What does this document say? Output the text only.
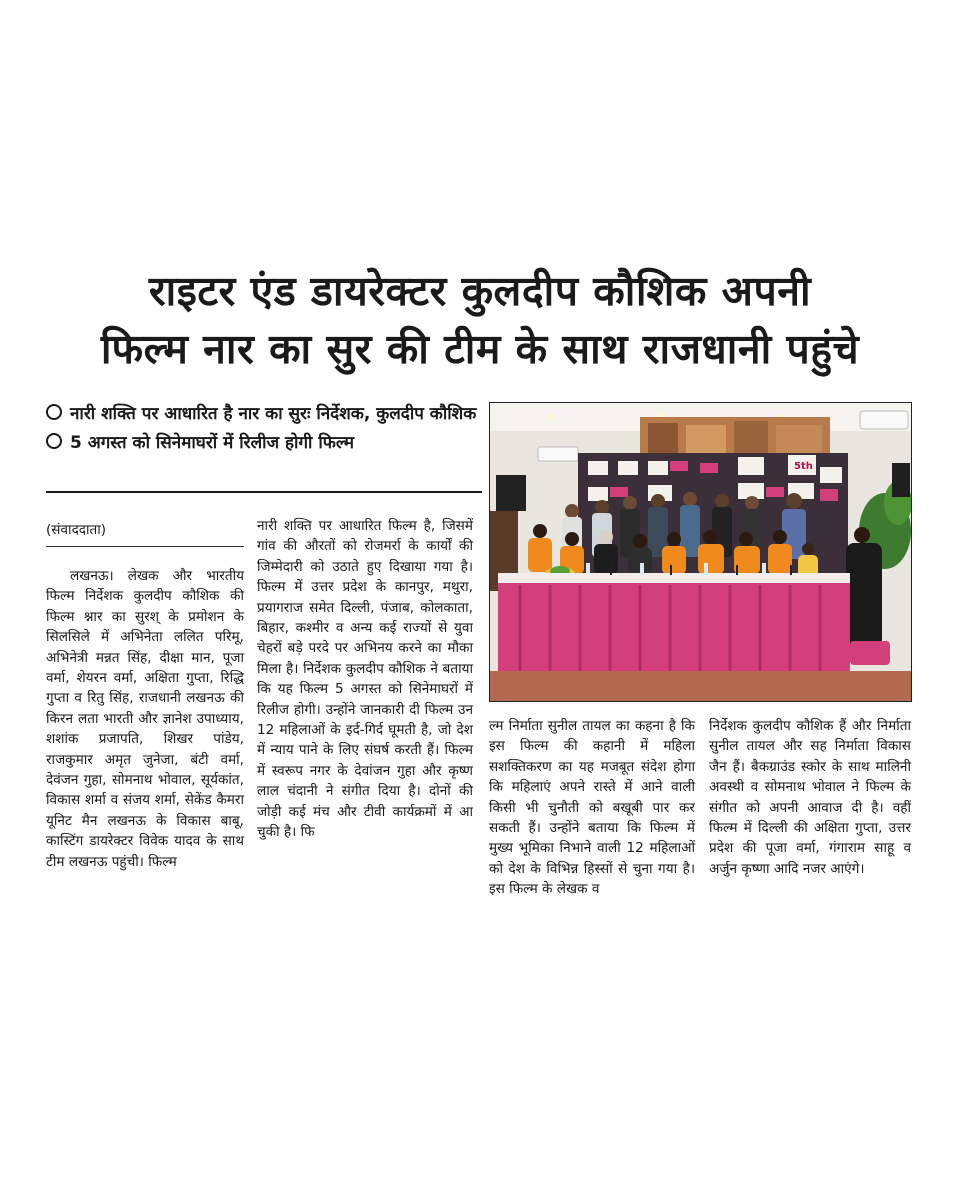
राइटर एंड डायरेक्टर कुलदीप कौशिक अपनी
फिल्म नार का सुर की टीम के साथ राजधानी पहुंचे

नारी शक्ति पर आधारित है नार का सुरः निर्देशक, कुलदीप कौशिक

5 अगस्त को सिनेमाघरों में रिलीज होगी फिल्म

5th

(संवाददाता)

लखनऊ। लेखक और भारतीय फिल्म निर्देशक कुलदीप कौशिक की फिल्म श्नार का सुरश् के प्रमोशन के सिलसिले में अभिनेता ललित परिमू, अभिनेत्री मन्नत सिंह, दीक्षा मान, पूजा वर्मा, शेयरन वर्मा, अक्षिता गुप्ता, रिद्धि गुप्ता व रितु सिंह, राजधानी लखनऊ की किरन लता भारती और ज्ञानेश उपाध्याय, शशांक प्रजापति, शिखर पांडेय, राजकुमार अमृत जुनेजा, बंटी वर्मा, देवंजन गुहा, सोमनाथ भोवाल, सूर्यकांत, विकास शर्मा व संजय शर्मा, सेकेंड कैमरा यूनिट मैन लखनऊ के विकास बाबू, कास्टिंग डायरेक्टर विवेक यादव के साथ टीम लखनऊ पहुंची। फिल्म

नारी शक्ति पर आधारित फिल्म है, जिसमें गांव की औरतों को रोजमर्रा के कार्यों की जिम्मेदारी को उठाते हुए दिखाया गया है। फिल्म में उत्तर प्रदेश के कानपुर, मथुरा, प्रयागराज समेत दिल्ली, पंजाब, कोलकाता, बिहार, कश्मीर व अन्य कई राज्यों से युवा चेहरों बड़े परदे पर अभिनय करने का मौका मिला है। निर्देशक कुलदीप कौशिक ने बताया कि यह फिल्म 5 अगस्त को सिनेमाघरों में रिलीज होगी। उन्होंने जानकारी दी फिल्म उन 12 महिलाओं के इर्द-गिर्द घूमती है, जो देश में न्याय पाने के लिए संघर्ष करती हैं। फिल्म में स्वरूप नगर के देवांजन गुहा और कृष्ण लाल चंदानी ने संगीत दिया है। दोनों की जोड़ी कई मंच और टीवी कार्यक्रमों में आ चुकी है। फि

ल्म निर्माता सुनील तायल का कहना है कि इस फिल्म की कहानी में महिला सशक्तिकरण का यह मजबूत संदेश होगा कि महिलाएं अपने रास्ते में आने वाली किसी भी चुनौती को बखूबी पार कर सकती हैं। उन्होंने बताया कि फिल्म में मुख्य भूमिका निभाने वाली 12 महिलाओं को देश के विभिन्न हिस्सों से चुना गया है। इस फिल्म के लेखक व

निर्देशक कुलदीप कौशिक हैं और निर्माता सुनील तायल और सह निर्माता विकास जैन हैं। बैकग्राउंड स्कोर के साथ मालिनी अवस्थी व सोमनाथ भोवाल ने फिल्म के संगीत को अपनी आवाज दी है। वहीं फिल्म में दिल्ली की अक्षिता गुप्ता, उत्तर प्रदेश की पूजा वर्मा, गंगाराम साहू व अर्जुन कृष्णा आदि नजर आएंगे।
